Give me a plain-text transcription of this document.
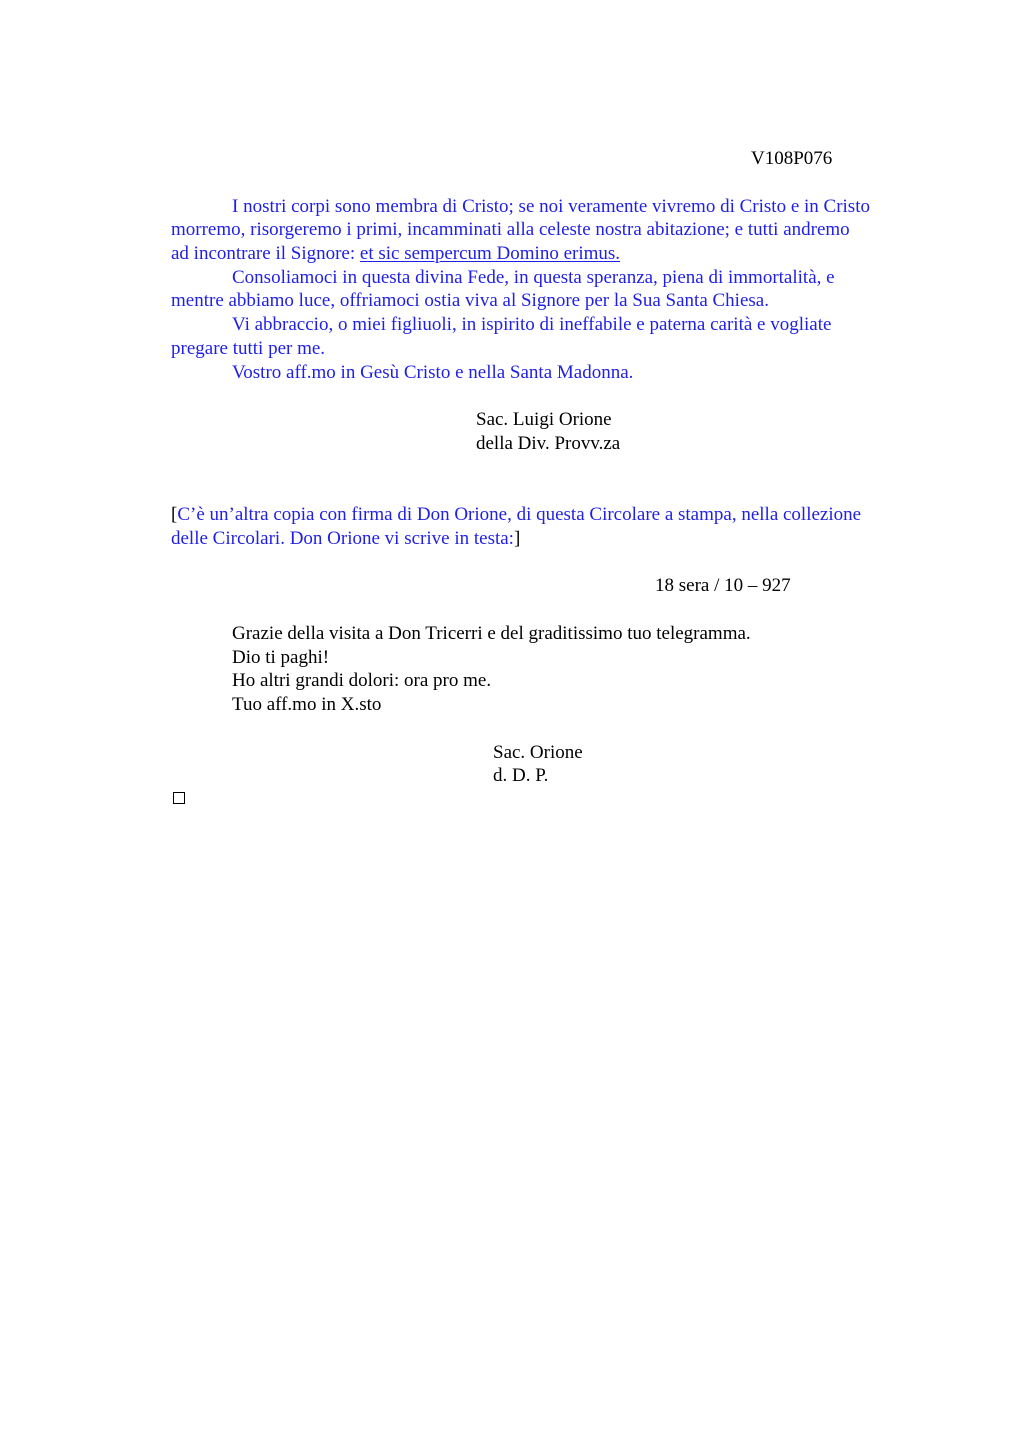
V108P076
I nostri corpi sono membra di Cristo; se noi veramente vivremo di Cristo e in Cristo
morremo, risorgeremo i primi, incamminati alla celeste nostra abitazione; e tutti andremo
ad incontrare il Signore: et sic sempercum Domino erimus.
Consoliamoci in questa divina Fede, in questa speranza, piena di immortalità, e
mentre abbiamo luce, offriamoci ostia viva al Signore per la Sua Santa Chiesa.
Vi abbraccio, o miei figliuoli, in ispirito di ineffabile e paterna carità e vogliate
pregare tutti per me.
Vostro aff.mo in Gesù Cristo e nella Santa Madonna.
Sac. Luigi Orione
della Div. Provv.za
[C’è un’altra copia con firma di Don Orione, di questa Circolare a stampa, nella collezione
delle Circolari. Don Orione vi scrive in testa:]
18 sera / 10 – 927
Grazie della visita a Don Tricerri e del graditissimo tuo telegramma.
Dio ti paghi!
Ho altri grandi dolori: ora pro me.
Tuo aff.mo in X.sto
Sac. Orione
d. D. P.
